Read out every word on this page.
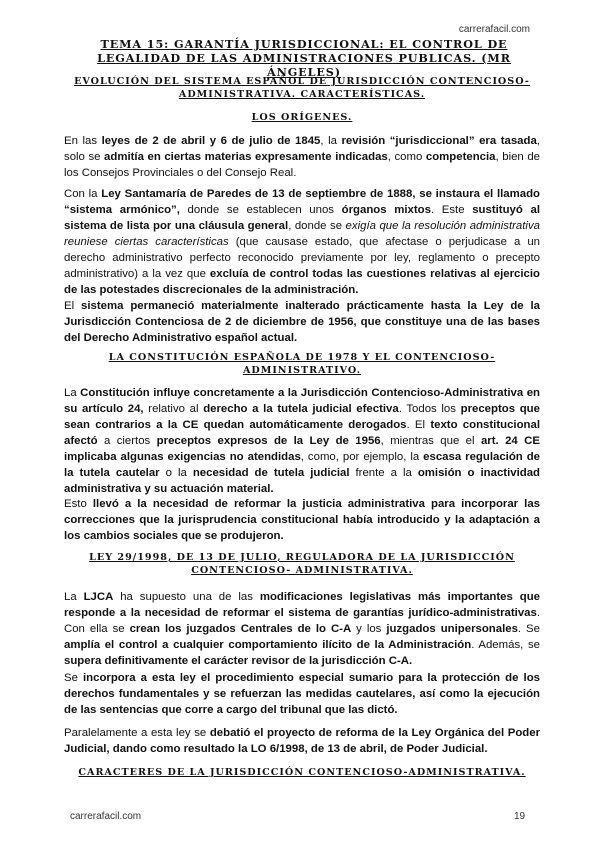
carrerafacil.com
TEMA 15: GARANTÍA JURISDICCIONAL: EL CONTROL DE LEGALIDAD DE LAS ADMINISTRACIONES PUBLICAS. (MR ÁNGELES)
EVOLUCIÓN DEL SISTEMA ESPAÑOL DE JURISDICCIÓN CONTENCIOSO-ADMINISTRATIVA. CARACTERÍSTICAS.
LOS ORÍGENES.
En las leyes de 2 de abril y 6 de julio de 1845, la revisión “jurisdiccional” era tasada, solo se admitía en ciertas materias expresamente indicadas, como competencia, bien de los Consejos Provinciales o del Consejo Real.
Con la Ley Santamaría de Paredes de 13 de septiembre de 1888, se instaura el llamado “sistema armónico”, donde se establecen unos órganos mixtos. Este sustituyó al sistema de lista por una cláusula general, donde se exigía que la resolución administrativa reuniese ciertas características (que causase estado, que afectase o perjudicase a un derecho administrativo perfecto reconocido previamente por ley, reglamento o precepto administrativo) a la vez que excluía de control todas las cuestiones relativas al ejercicio de las potestades discrecionales de la administración.
El sistema permaneció materialmente inalterado prácticamente hasta la Ley de la Jurisdicción Contenciosa de 2 de diciembre de 1956, que constituye una de las bases del Derecho Administrativo español actual.
LA CONSTITUCIÓN ESPAÑOLA DE 1978 Y EL CONTENCIOSO-ADMINISTRATIVO.
La Constitución influye concretamente a la Jurisdicción Contencioso-Administrativa en su artículo 24, relativo al derecho a la tutela judicial efectiva. Todos los preceptos que sean contrarios a la CE quedan automáticamente derogados. El texto constitucional afectó a ciertos preceptos expresos de la Ley de 1956, mientras que el art. 24 CE implicaba algunas exigencias no atendidas, como, por ejemplo, la escasa regulación de la tutela cautelar o la necesidad de tutela judicial frente a la omisión o inactividad administrativa y su actuación material.
Esto llevó a la necesidad de reformar la justicia administrativa para incorporar las correcciones que la jurisprudencia constitucional había introducido y la adaptación a los cambios sociales que se produjeron.
LEY 29/1998, DE 13 DE JULIO, REGULADORA DE LA JURISDICCIÓN CONTENCIOSO- ADMINISTRATIVA.
La LJCA ha supuesto una de las modificaciones legislativas más importantes que responde a la necesidad de reformar el sistema de garantías jurídico-administrativas. Con ella se crean los juzgados Centrales de lo C-A y los juzgados unipersonales. Se amplía el control a cualquier comportamiento ilícito de la Administración. Además, se supera definitivamente el carácter revisor de la jurisdicción C-A.
Se incorpora a esta ley el procedimiento especial sumario para la protección de los derechos fundamentales y se refuerzan las medidas cautelares, así como la ejecución de las sentencias que corre a cargo del tribunal que las dictó.
Paralelamente a esta ley se debatió el proyecto de reforma de la Ley Orgánica del Poder Judicial, dando como resultado la LO 6/1998, de 13 de abril, de Poder Judicial.
CARACTERES DE LA JURISDICCIÓN CONTENCIOSO-ADMINISTRATIVA.
carrerafacil.com	19
